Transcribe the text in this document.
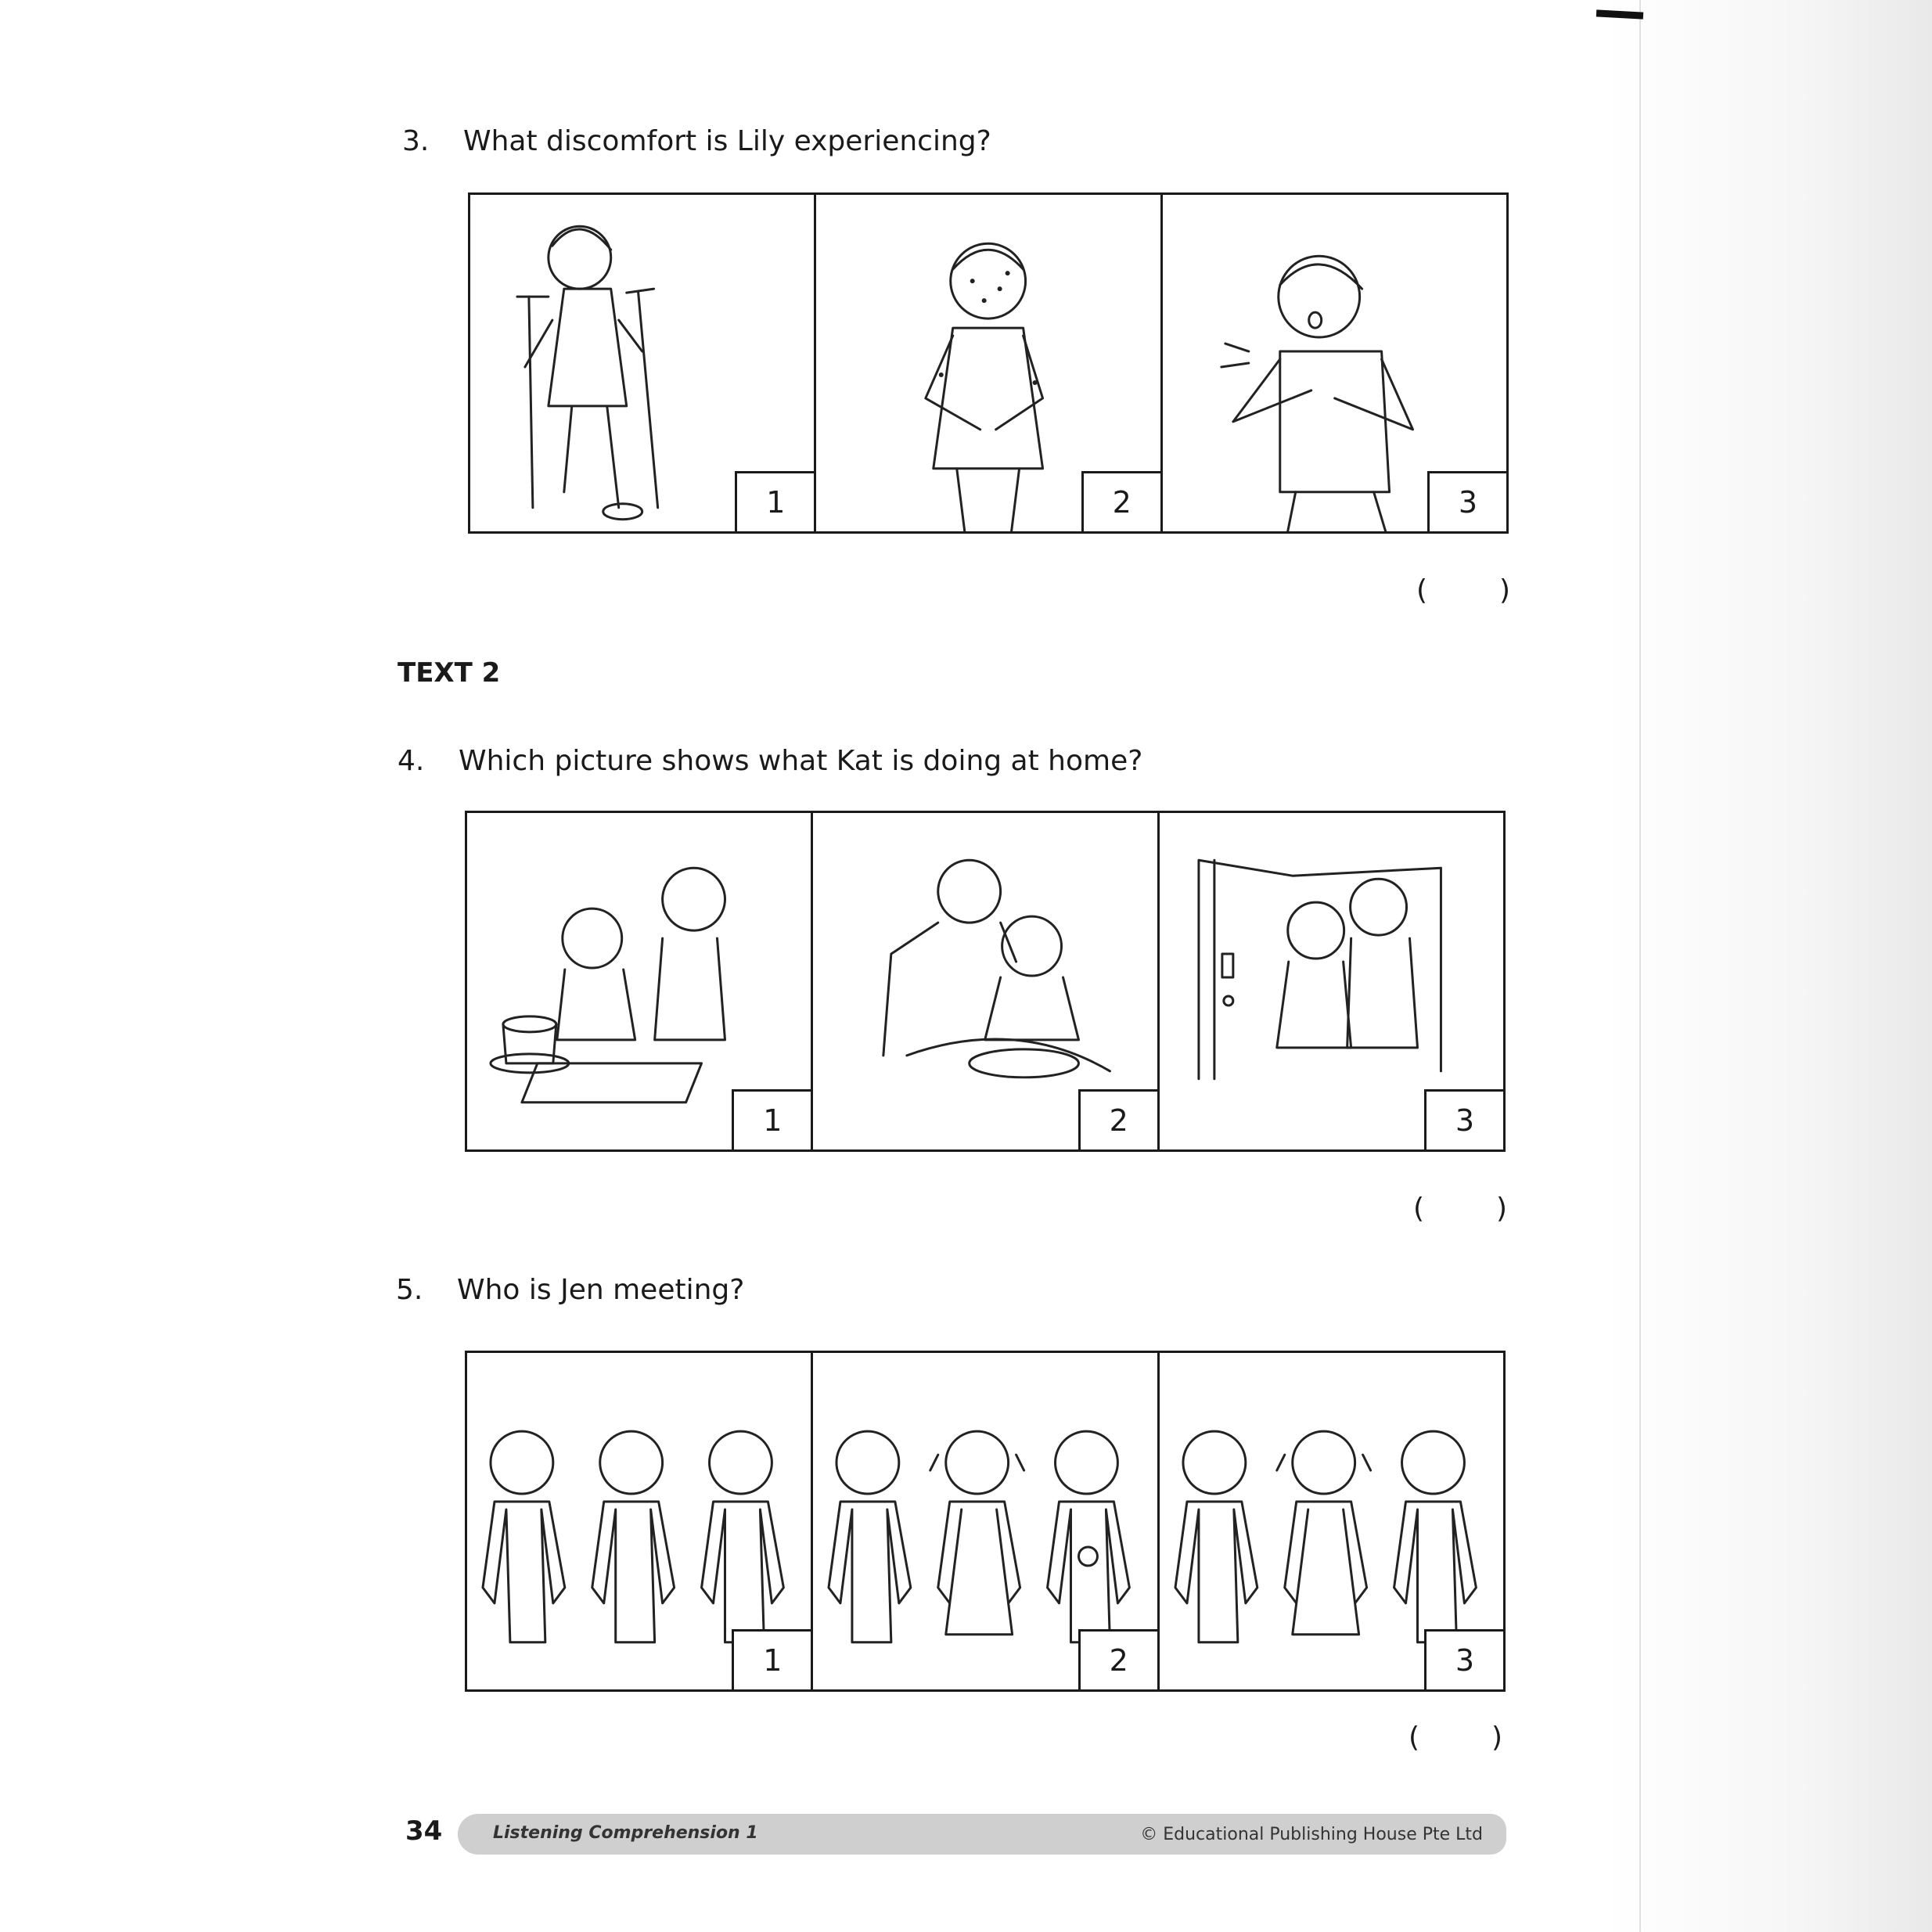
3. What discomfort is Lily experiencing?
1	2	3
(	)
TEXT 2
4. Which picture shows what Kat is doing at home?
1	2	3
(	)
5. Who is Jen meeting?
1	2	3
(	)
34	Listening Comprehension 1	© Educational Publishing House Pte Ltd
